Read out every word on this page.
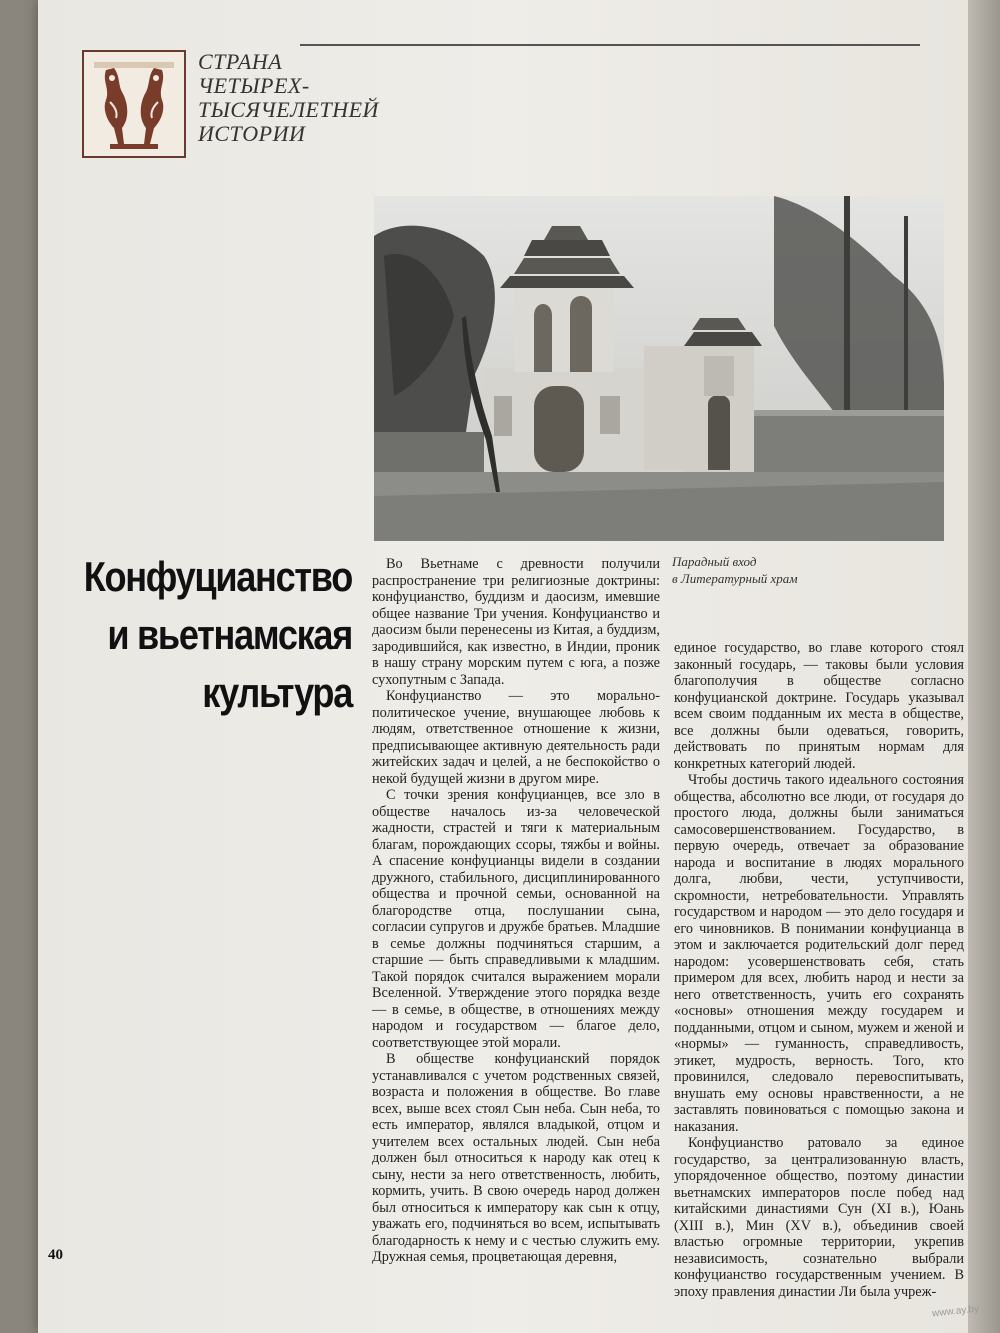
СТРАНА
ЧЕТЫРЕХ-
ТЫСЯЧЕЛЕТНЕЙ
ИСТОРИИ
Парадный вход
в Литературный храм
Конфуцианство
и вьетнамская
культура

Во Вьетнаме с древности получили распространение три религиозные доктрины: конфуцианство, буддизм и даосизм, имевшие общее название Три учения. Конфуцианство и даосизм были перенесены из Китая, а буддизм, зародившийся, как известно, в Индии, проник в нашу страну морским путем с юга, а позже сухопутным с Запада.

Конфуцианство — это морально-политическое учение, внушающее любовь к людям, ответственное отношение к жизни, предписывающее активную деятельность ради житейских задач и целей, а не беспокойство о некой будущей жизни в другом мире.

С точки зрения конфуцианцев, все зло в обществе началось из-за человеческой жадности, страстей и тяги к материальным благам, порождающих ссоры, тяжбы и войны. А спасение конфуцианцы видели в создании дружного, стабильного, дисциплинированного общества и прочной семьи, основанной на благородстве отца, послушании сына, согласии супругов и дружбе братьев. Младшие в семье должны подчиняться старшим, а старшие — быть справедливыми к младшим. Такой порядок считался выражением морали Вселенной. Утверждение этого порядка везде — в семье, в обществе, в отношениях между народом и государством — благое дело, соответствующее этой морали.

В обществе конфуцианский порядок устанавливался с учетом родственных связей, возраста и положения в обществе. Во главе всех, выше всех стоял Сын неба. Сын неба, то есть император, являлся владыкой, отцом и учителем всех остальных людей. Сын неба должен был относиться к народу как отец к сыну, нести за него ответственность, любить, кормить, учить. В свою очередь народ должен был относиться к императору как сын к отцу, уважать его, подчиняться во всем, испытывать благодарность к нему и с честью служить ему. Дружная семья, процветающая деревня,

единое государство, во главе которого стоял законный государь, — таковы были условия благополучия в обществе согласно конфуцианской доктрине. Государь указывал всем своим подданным их места в обществе, все должны были одеваться, говорить, действовать по принятым нормам для конкретных категорий людей.

Чтобы достичь такого идеального состояния общества, абсолютно все люди, от государя до простого люда, должны были заниматься самосовершенствованием. Государство, в первую очередь, отвечает за образование народа и воспитание в людях морального долга, любви, чести, уступчивости, скромности, нетребовательности. Управлять государством и народом — это дело государя и его чиновников. В понимании конфуцианца в этом и заключается родительский долг перед народом: усовершенствовать себя, стать примером для всех, любить народ и нести за него ответственность, учить его сохранять «основы» отношения между государем и подданными, отцом и сыном, мужем и женой и «нормы» — гуманность, справедливость, этикет, мудрость, верность. Того, кто провинился, следовало перевоспитывать, внушать ему основы нравственности, а не заставлять повиноваться с помощью закона и наказания.

Конфуцианство ратовало за единое государство, за централизованную власть, упорядоченное общество, поэтому династии вьетнамских императоров после побед над китайскими династиями Сун (XI в.), Юань (XIII в.), Мин (XV в.), объединив своей властью огромные территории, укрепив независимость, сознательно выбрали конфуцианство государственным учением. В эпоху правления династии Ли была учреж-

40
www.ay.by
